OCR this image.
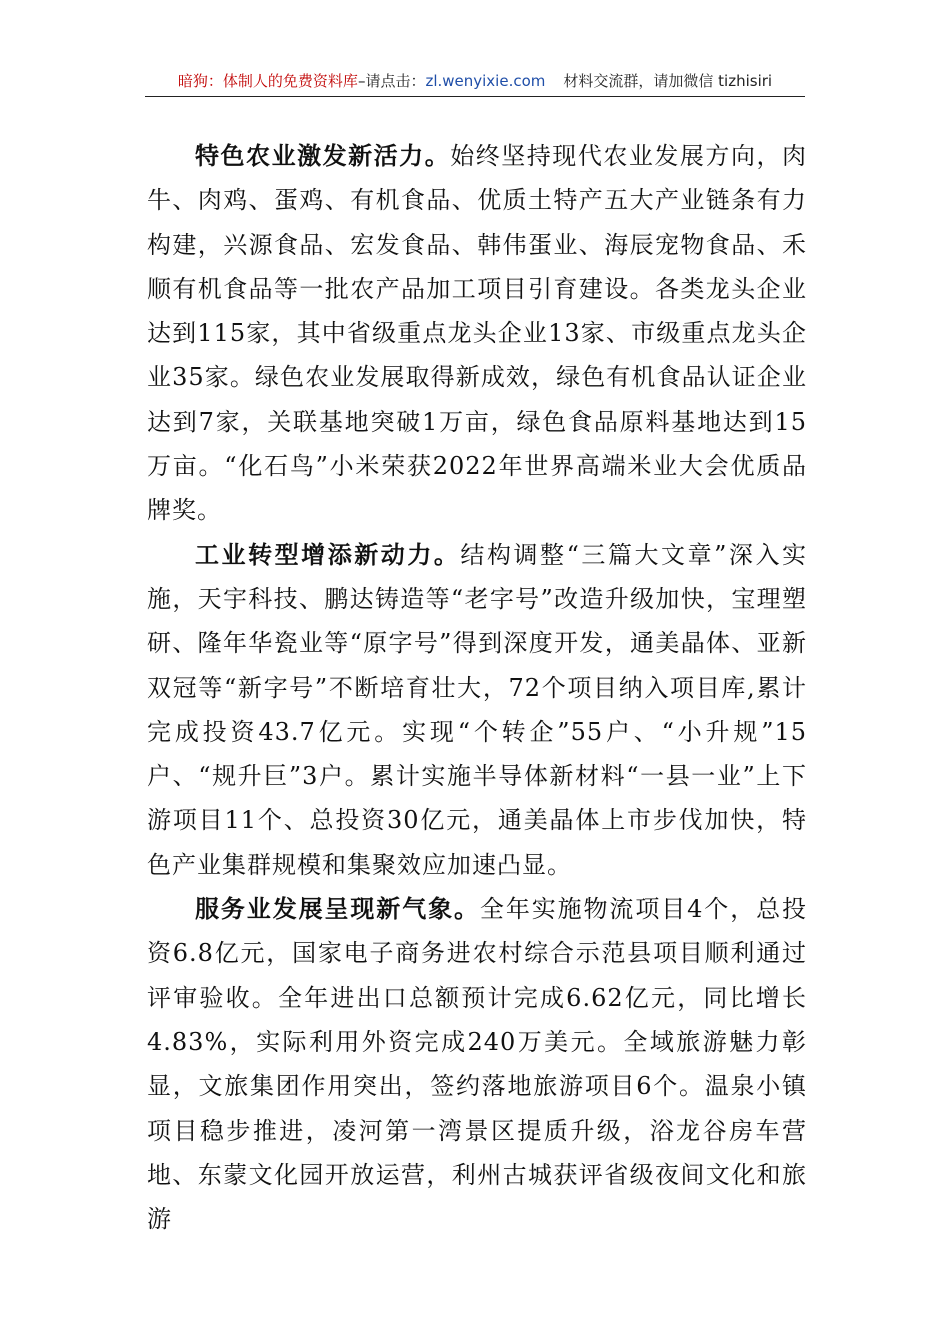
暗狗：体制人的免费资料库–请点击：zl.wenyixie.com 材料交流群，请加微信 tizhisiri

特色农业激发新活力。始终坚持现代农业发展方向，肉牛、肉鸡、蛋鸡、有机食品、优质土特产五大产业链条有力构建，兴源食品、宏发食品、韩伟蛋业、海辰宠物食品、禾顺有机食品等一批农产品加工项目引育建设。各类龙头企业达到115家，其中省级重点龙头企业13家、市级重点龙头企业35家。绿色农业发展取得新成效，绿色有机食品认证企业达到7家，关联基地突破1万亩，绿色食品原料基地达到15万亩。“化石鸟”小米荣获2022年世界高端米业大会优质品牌奖。

工业转型增添新动力。结构调整“三篇大文章”深入实施，天宇科技、鹏达铸造等“老字号”改造升级加快，宝理塑研、隆年华瓷业等“原字号”得到深度开发，通美晶体、亚新双冠等“新字号”不断培育壮大，72个项目纳入项目库,累计完成投资43.7亿元。实现“个转企”55户、“小升规”15户、“规升巨”3户。累计实施半导体新材料“一县一业”上下游项目11个、总投资30亿元，通美晶体上市步伐加快，特色产业集群规模和集聚效应加速凸显。

服务业发展呈现新气象。全年实施物流项目4个，总投资6.8亿元，国家电子商务进农村综合示范县项目顺利通过评审验收。全年进出口总额预计完成6.62亿元，同比增长4.83%，实际利用外资完成240万美元。全域旅游魅力彰显，文旅集团作用突出，签约落地旅游项目6个。温泉小镇项目稳步推进，凌河第一湾景区提质升级，浴龙谷房车营地、东蒙文化园开放运营，利州古城获评省级夜间文化和旅游
